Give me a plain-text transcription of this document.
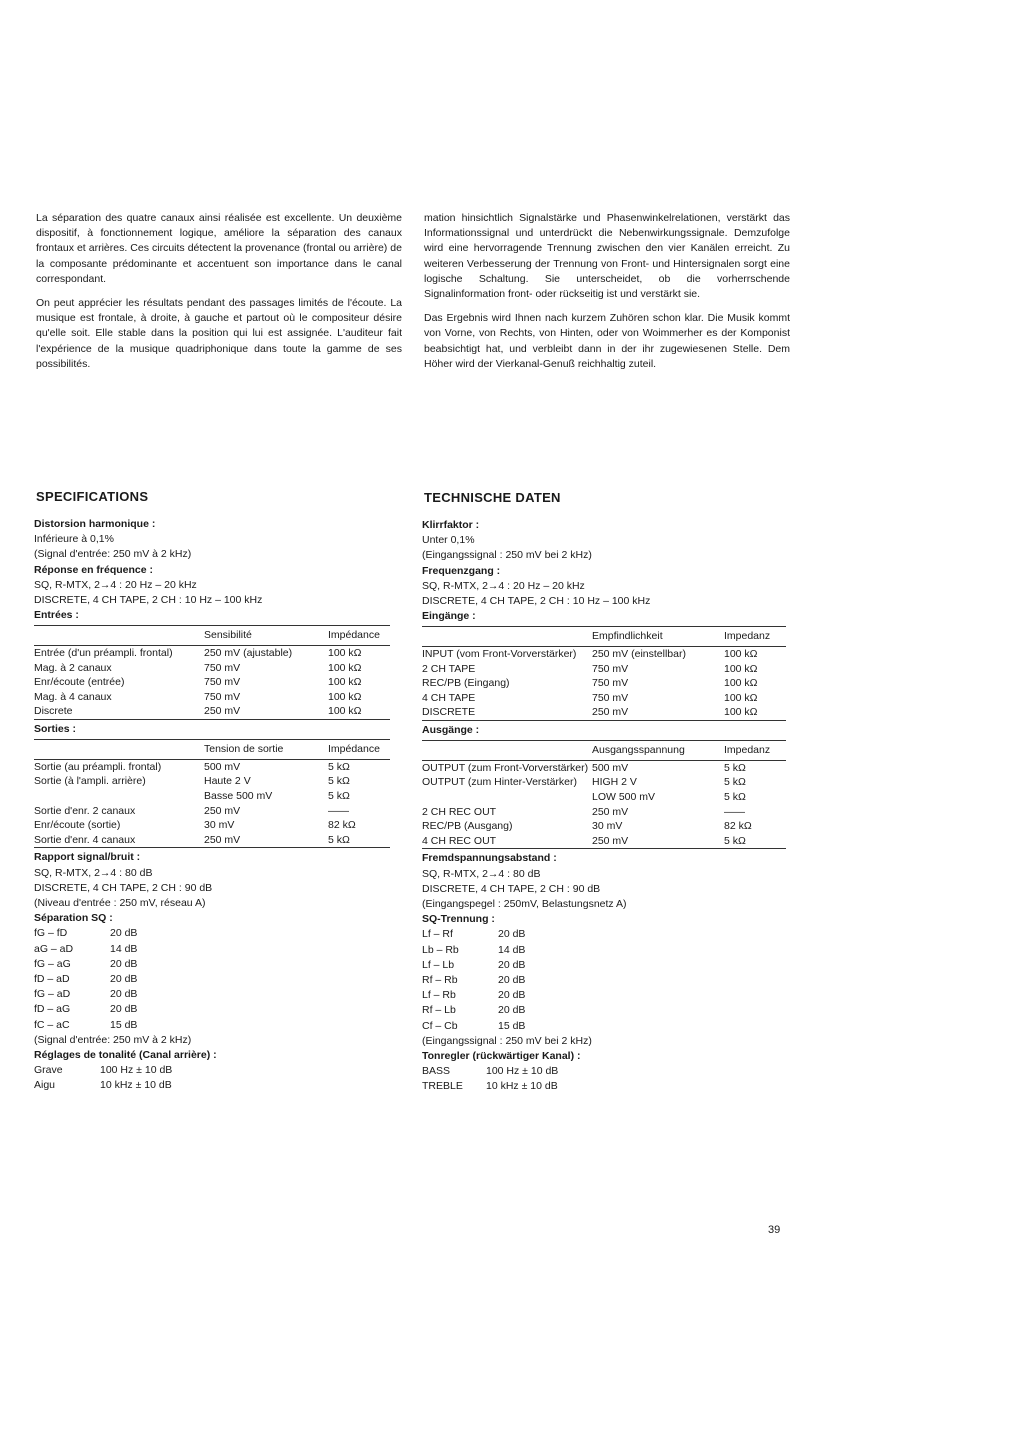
La séparation des quatre canaux ainsi réalisée est excellente. Un deuxième dispositif, à fonctionnement logique, améliore la séparation des canaux frontaux et arrières. Ces circuits détectent la provenance (frontal ou arrière) de la composante prédominante et accentuent son importance dans le canal correspondant.

On peut apprécier les résultats pendant des passages limités de l'écoute. La musique est frontale, à droite, à gauche et partout où le compositeur désire qu'elle soit. Elle stable dans la position qui lui est assignée. L'auditeur fait l'expérience de la musique quadriphonique dans toute la gamme de ses possibilités.

mation hinsichtlich Signalstärke und Phasenwinkelrelationen, verstärkt das Informationssignal und unterdrückt die Nebenwirkungssignale. Demzufolge wird eine hervorragende Trennung zwischen den vier Kanälen erreicht. Zu weiteren Verbesserung der Trennung von Front- und Hintersignalen sorgt eine logische Schaltung. Sie unterscheidet, ob die vorherrschende Signalinformation front- oder rückseitig ist und verstärkt sie.

Das Ergebnis wird Ihnen nach kurzem Zuhören schon klar. Die Musik kommt von Vorne, von Rechts, von Hinten, oder von Woimmerher es der Komponist beabsichtigt hat, und verbleibt dann in der ihr zugewiesenen Stelle. Dem Höher wird der Vierkanal-Genuß reichhaltig zuteil.

SPECIFICATIONS
Distorsion harmonique :
Inférieure à 0,1%
(Signal d'entrée: 250 mV à 2 kHz)
Réponse en fréquence :
SQ, R-MTX, 2→4 : 20 Hz – 20 kHz
DISCRETE, 4 CH TAPE, 2 CH : 10 Hz – 100 kHz
Entrées :
	Sensibilité	Impédance
Entrée (d'un préampli. frontal)	250 mV (ajustable)	100 kΩ
Mag. à 2 canaux	750 mV	100 kΩ
Enr/écoute (entrée)	750 mV	100 kΩ
Mag. à 4 canaux	750 mV	100 kΩ
Discrete	250 mV	100 kΩ
Sorties :
	Tension de sortie	Impédance
Sortie (au préampli. frontal)	500 mV	5 kΩ
Sortie (à l'ampli. arrière)	Haute 2 V	5 kΩ
	Basse 500 mV	5 kΩ
Sortie d'enr. 2 canaux	250 mV	——
Enr/écoute (sortie)	30 mV	82 kΩ
Sortie d'enr. 4 canaux	250 mV	5 kΩ
Rapport signal/bruit :
SQ, R-MTX, 2→4 : 80 dB
DISCRETE, 4 CH TAPE, 2 CH : 90 dB
(Niveau d'entrée : 250 mV, réseau A)
Séparation SQ :
fG – fD	20 dB
aG – aD	14 dB
fG – aG	20 dB
fD – aD	20 dB
fG – aD	20 dB
fD – aG	20 dB
fC – aC	15 dB
(Signal d'entrée: 250 mV à 2 kHz)
Réglages de tonalité (Canal arrière) :
Grave	100 Hz ± 10 dB
Aigu	10 kHz ± 10 dB
TECHNISCHE DATEN
Klirrfaktor :
Unter 0,1%
(Eingangssignal : 250 mV bei 2 kHz)
Frequenzgang :
SQ, R-MTX, 2→4 : 20 Hz – 20 kHz
DISCRETE, 4 CH TAPE, 2 CH : 10 Hz – 100 kHz
Eingänge :
	Empfindlichkeit	Impedanz
INPUT (vom Front-Vorverstärker)	250 mV (einstellbar)	100 kΩ
2 CH TAPE	750 mV	100 kΩ
REC/PB (Eingang)	750 mV	100 kΩ
4 CH TAPE	750 mV	100 kΩ
DISCRETE	250 mV	100 kΩ
Ausgänge :
	Ausgangsspannung	Impedanz
OUTPUT (zum Front-Vorverstärker)	500 mV	5 kΩ
OUTPUT (zum Hinter-Verstärker)	HIGH 2 V	5 kΩ
	LOW 500 mV	5 kΩ
2 CH REC OUT	250 mV	——
REC/PB (Ausgang)	30 mV	82 kΩ
4 CH REC OUT	250 mV	5 kΩ
Fremdspannungsabstand :
SQ, R-MTX, 2→4 : 80 dB
DISCRETE, 4 CH TAPE, 2 CH : 90 dB
(Eingangspegel : 250mV, Belastungsnetz A)
SQ-Trennung :
Lf – Rf	20 dB
Lb – Rb	14 dB
Lf – Lb	20 dB
Rf – Rb	20 dB
Lf – Rb	20 dB
Rf – Lb	20 dB
Cf – Cb	15 dB
(Eingangssignal : 250 mV bei 2 kHz)
Tonregler (rückwärtiger Kanal) :
BASS	100 Hz ± 10 dB
TREBLE	10 kHz ± 10 dB
39
